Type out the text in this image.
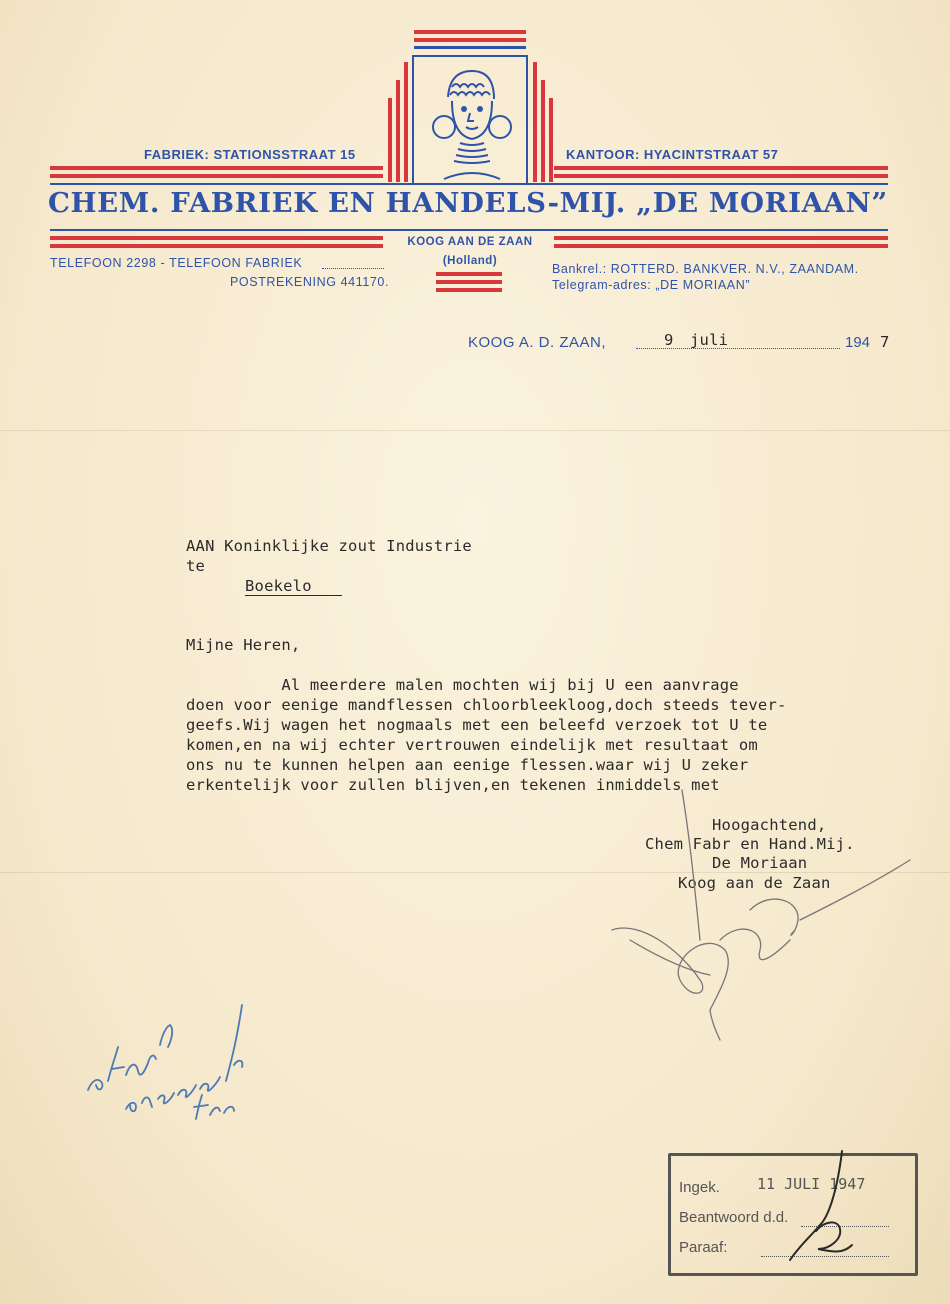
FABRIEK: STATIONSSTRAAT 15	KANTOOR: HYACINTSTRAAT 57
CHEM. FABRIEK EN HANDELS-MIJ. „DE MORIAAN”
KOOG AAN DE ZAAN
(Holland)
TELEFOON 2298 - TELEFOON FABRIEK
POSTREKENING 441170.
Bankrel.: ROTTERD. BANKVER. N.V., ZAANDAM.
Telegram-adres: „DE MORIAAN”
KOOG A. D. ZAAN,	9 juli	194 7
AAN Koninklijke zout Industrie
te
Boekelo
Mijne Heren,
Al meerdere malen mochten wij bij U een aanvrage
doen voor eenige mandflessen chloorbleekloog,doch steeds tever-
geefs.Wij wagen het nogmaals met een beleefd verzoek tot U te
komen,en na wij echter vertrouwen eindelijk met resultaat om
ons nu te kunnen helpen aan eenige flessen.waar wij U zeker
erkentelijk voor zullen blijven,en tekenen inmiddels met
Hoogachtend,
Chem Fabr en Hand.Mij.
De Moriaan
Koog aan de Zaan
Ingek. 11 JULI 1947
Beantwoord d.d.
Paraaf:
